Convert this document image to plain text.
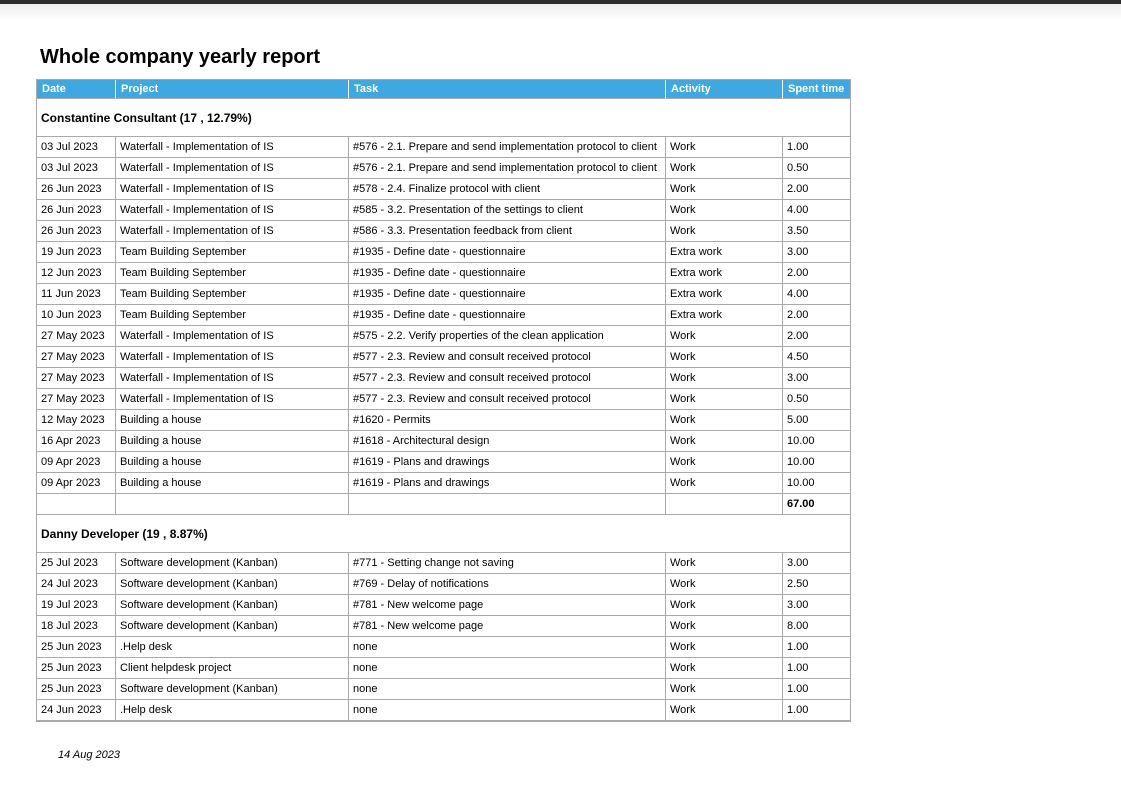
Whole company yearly report
Date	Project	Task	Activity	Spent time
Constantine Consultant (17 , 12.79%)				
03 Jul 2023	Waterfall - Implementation of IS	#576 - 2.1. Prepare and send implementation protocol to client	Work	1.00
03 Jul 2023	Waterfall - Implementation of IS	#576 - 2.1. Prepare and send implementation protocol to client	Work	0.50
26 Jun 2023	Waterfall - Implementation of IS	#578 - 2.4. Finalize protocol with client	Work	2.00
26 Jun 2023	Waterfall - Implementation of IS	#585 - 3.2. Presentation of the settings to client	Work	4.00
26 Jun 2023	Waterfall - Implementation of IS	#586 - 3.3. Presentation feedback from client	Work	3.50
19 Jun 2023	Team Building September	#1935 - Define date - questionnaire	Extra work	3.00
12 Jun 2023	Team Building September	#1935 - Define date - questionnaire	Extra work	2.00
11 Jun 2023	Team Building September	#1935 - Define date - questionnaire	Extra work	4.00
10 Jun 2023	Team Building September	#1935 - Define date - questionnaire	Extra work	2.00
27 May 2023	Waterfall - Implementation of IS	#575 - 2.2. Verify properties of the clean application	Work	2.00
27 May 2023	Waterfall - Implementation of IS	#577 - 2.3. Review and consult received protocol	Work	4.50
27 May 2023	Waterfall - Implementation of IS	#577 - 2.3. Review and consult received protocol	Work	3.00
27 May 2023	Waterfall - Implementation of IS	#577 - 2.3. Review and consult received protocol	Work	0.50
12 May 2023	Building a house	#1620 - Permits	Work	5.00
16 Apr 2023	Building a house	#1618 - Architectural design	Work	10.00
09 Apr 2023	Building a house	#1619 - Plans and drawings	Work	10.00
09 Apr 2023	Building a house	#1619 - Plans and drawings	Work	10.00
				67.00
Danny Developer (19 , 8.87%)				
25 Jul 2023	Software development (Kanban)	#771 - Setting change not saving	Work	3.00
24 Jul 2023	Software development (Kanban)	#769 - Delay of notifications	Work	2.50
19 Jul 2023	Software development (Kanban)	#781 - New welcome page	Work	3.00
18 Jul 2023	Software development (Kanban)	#781 - New welcome page	Work	8.00
25 Jun 2023	.Help desk	none	Work	1.00
25 Jun 2023	Client helpdesk project	none	Work	1.00
25 Jun 2023	Software development (Kanban)	none	Work	1.00
24 Jun 2023	.Help desk	none	Work	1.00
14 Aug 2023
